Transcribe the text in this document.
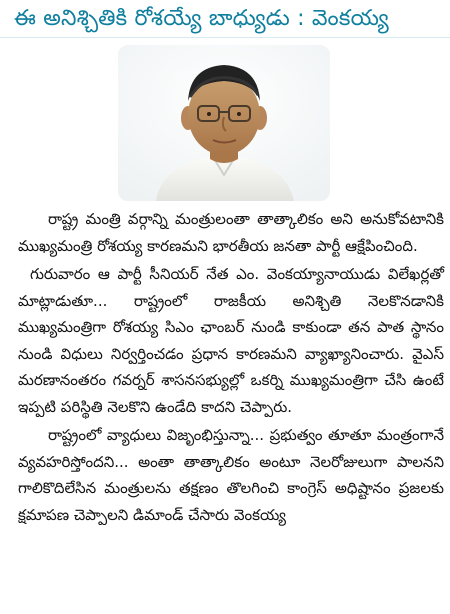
ఈ అనిశ్చితికి రోశయ్యే బాధ్యుడు : వెంకయ్య

రాష్ట్ర మంత్రి వర్గాన్ని మంత్రులంతా తాత్కాలికం అని అనుకోవటానికి ముఖ్యమంత్రి రోశయ్య కారణమని భారతీయ జనతా పార్టీ ఆక్షేపించింది.

గురువారం ఆ పార్టీ సీనియర్ నేత ఎం. వెంకయ్యానాయుడు విలేఖర్లతో మాట్లాడుతూ... రాష్ట్రంలో రాజకీయ అనిశ్చితి నెలకొనడానికి ముఖ్యమంత్రిగా రోశయ్య సిఎం ఛాంబర్ నుండి కాకుండా తన పాత స్థానం నుండి విధులు నిర్వర్తించడం ప్రధాన కారణమని వ్యాఖ్యానించారు. వైఎస్ మరణానంతరం గవర్నర్ శాసనసభ్యుల్లో ఒకర్ని ముఖ్యమంత్రిగా చేసి ఉంటే ఇప్పటి పరిస్థితి నెలకొని ఉండేది కాదని చెప్పారు.

రాష్ట్రంలో వ్యాధులు విజృంభిస్తున్నా... ప్రభుత్వం తూతూ మంత్రంగానే వ్యవహరిస్తోందని... అంతా తాత్కాలికం అంటూ నెలరోజులుగా పాలనని గాలికొదిలేసిన మంత్రులను తక్షణం తొలగించి కాంగ్రెస్ అధిష్టానం ప్రజలకు క్షమాపణ చెప్పాలని డిమాండ్ చేసారు వెంకయ్య
